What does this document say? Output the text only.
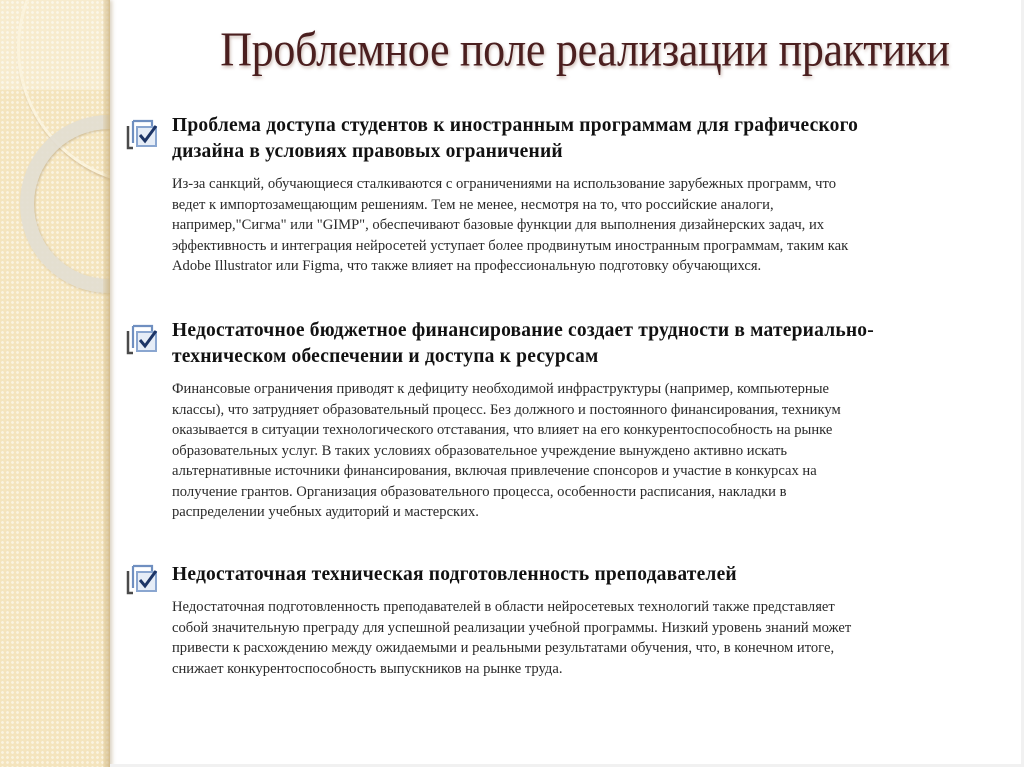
Проблемное поле реализации практики
Проблема доступа студентов к иностранным программам для графического
дизайна в условиях правовых ограничений

Из-за санкций, обучающиеся сталкиваются с ограничениями на использование зарубежных программ, что
ведет к импортозамещающим решениям. Тем не менее, несмотря на то, что российские аналоги,
например,"Сигма" или "GIMP", обеспечивают базовые функции для выполнения дизайнерских задач, их
эффективность и интеграция нейросетей уступает более продвинутым иностранным программам, таким как
Adobe Illustrator или Figma, что также влияет на профессиональную подготовку обучающихся.

Недостаточное бюджетное финансирование создает трудности в материально-
техническом обеспечении и доступа к ресурсам

Финансовые ограничения приводят к дефициту необходимой инфраструктуры (например, компьютерные
классы), что затрудняет образовательный процесс. Без должного и постоянного финансирования, техникум
оказывается в ситуации технологического отставания, что влияет на его конкурентоспособность на рынке
образовательных услуг. В таких условиях образовательное учреждение вынуждено активно искать
альтернативные источники финансирования, включая привлечение спонсоров и участие в конкурсах на
получение грантов. Организация образовательного процесса, особенности расписания, накладки в
распределении учебных аудиторий и мастерских.

Недостаточная техническая подготовленность преподавателей

Недостаточная подготовленность преподавателей в области нейросетевых технологий также представляет
собой значительную преграду для успешной реализации учебной программы. Низкий уровень знаний может
привести к расхождению между ожидаемыми и реальными результатами обучения, что, в конечном итоге,
снижает конкурентоспособность выпускников на рынке труда.
